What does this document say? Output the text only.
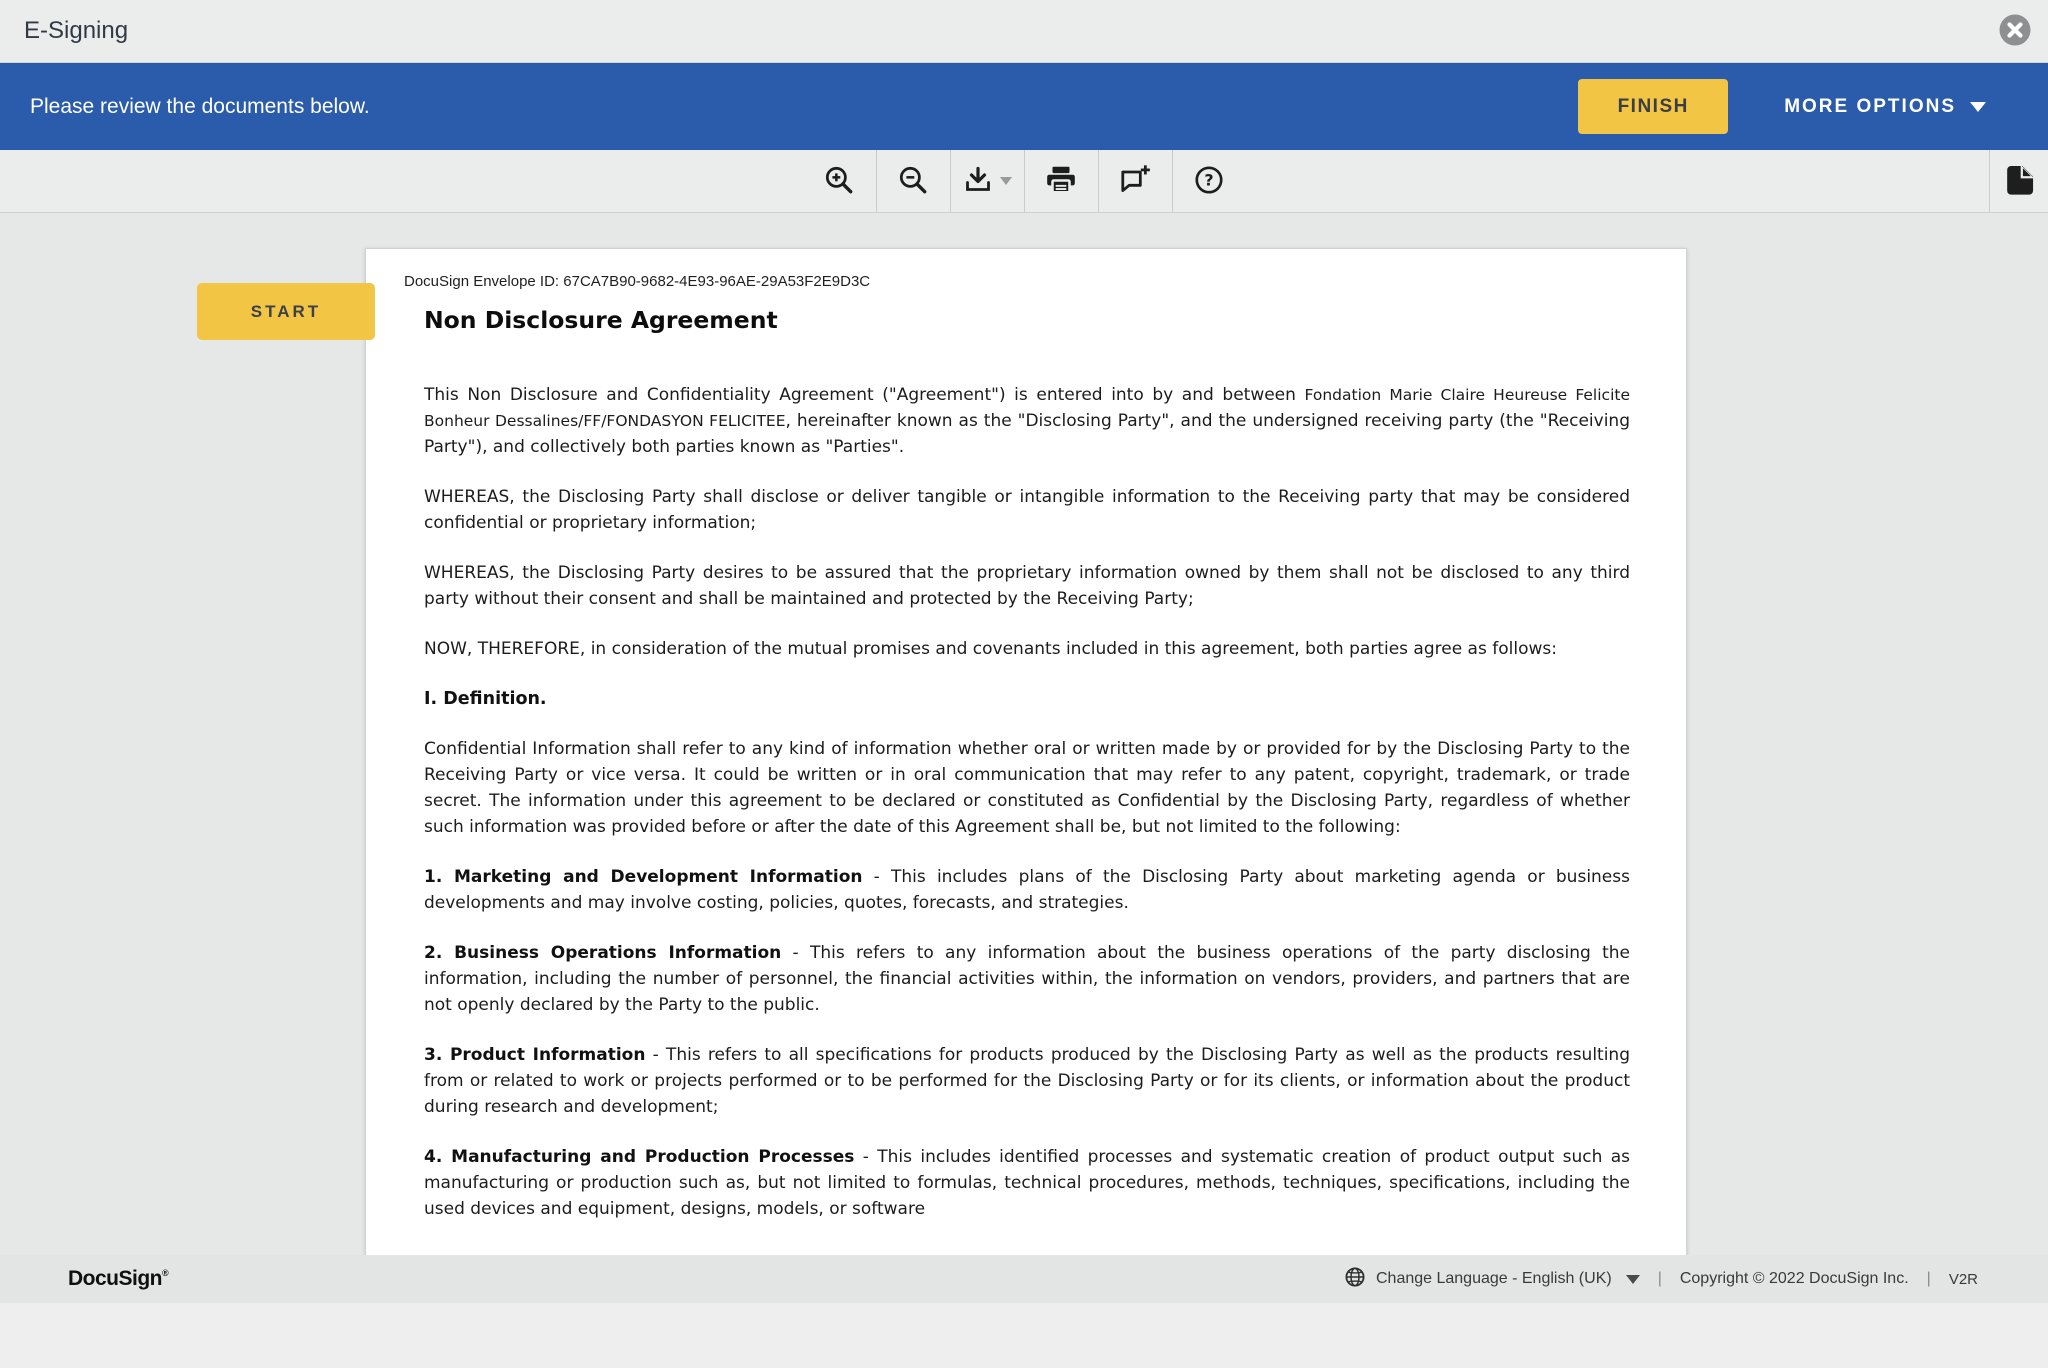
E-Signing
Please review the documents below.	FINISH	MORE OPTIONS
?
START
DocuSign Envelope ID: 67CA7B90-9682-4E93-96AE-29A53F2E9D3C
Non Disclosure Agreement

This Non Disclosure and Confidentiality Agreement ("Agreement") is entered into by and between Fondation Marie Claire Heureuse Felicite Bonheur Dessalines/FF/FONDASYON FELICITEE, hereinafter known as the "Disclosing Party", and the undersigned receiving party (the "Receiving Party"), and collectively both parties known as "Parties".

WHEREAS, the Disclosing Party shall disclose or deliver tangible or intangible information to the Receiving party that may be considered confidential or proprietary information;

WHEREAS, the Disclosing Party desires to be assured that the proprietary information owned by them shall not be disclosed to any third party without their consent and shall be maintained and protected by the Receiving Party;

NOW, THEREFORE, in consideration of the mutual promises and covenants included in this agreement, both parties agree as follows:

I. Definition.

Confidential Information shall refer to any kind of information whether oral or written made by or provided for by the Disclosing Party to the Receiving Party or vice versa. It could be written or in oral communication that may refer to any patent, copyright, trademark, or trade secret. The information under this agreement to be declared or constituted as Confidential by the Disclosing Party, regardless of whether such information was provided before or after the date of this Agreement shall be, but not limited to the following:

1. Marketing and Development Information - This includes plans of the Disclosing Party about marketing agenda or business developments and may involve costing, policies, quotes, forecasts, and strategies.

2. Business Operations Information - This refers to any information about the business operations of the party disclosing the information, including the number of personnel, the financial activities within, the information on vendors, providers, and partners that are not openly declared by the Party to the public.

3. Product Information - This refers to all specifications for products produced by the Disclosing Party as well as the products resulting from or related to work or projects performed or to be performed for the Disclosing Party or for its clients, or information about the product during research and development;

4. Manufacturing and Production Processes - This includes identified processes and systematic creation of product output such as manufacturing or production such as, but not limited to formulas, technical procedures, methods, techniques, specifications, including the used devices and equipment, designs, models, or software

DocuSign®	Change Language - English (UK)	| Copyright © 2022 DocuSign Inc. | V2R
